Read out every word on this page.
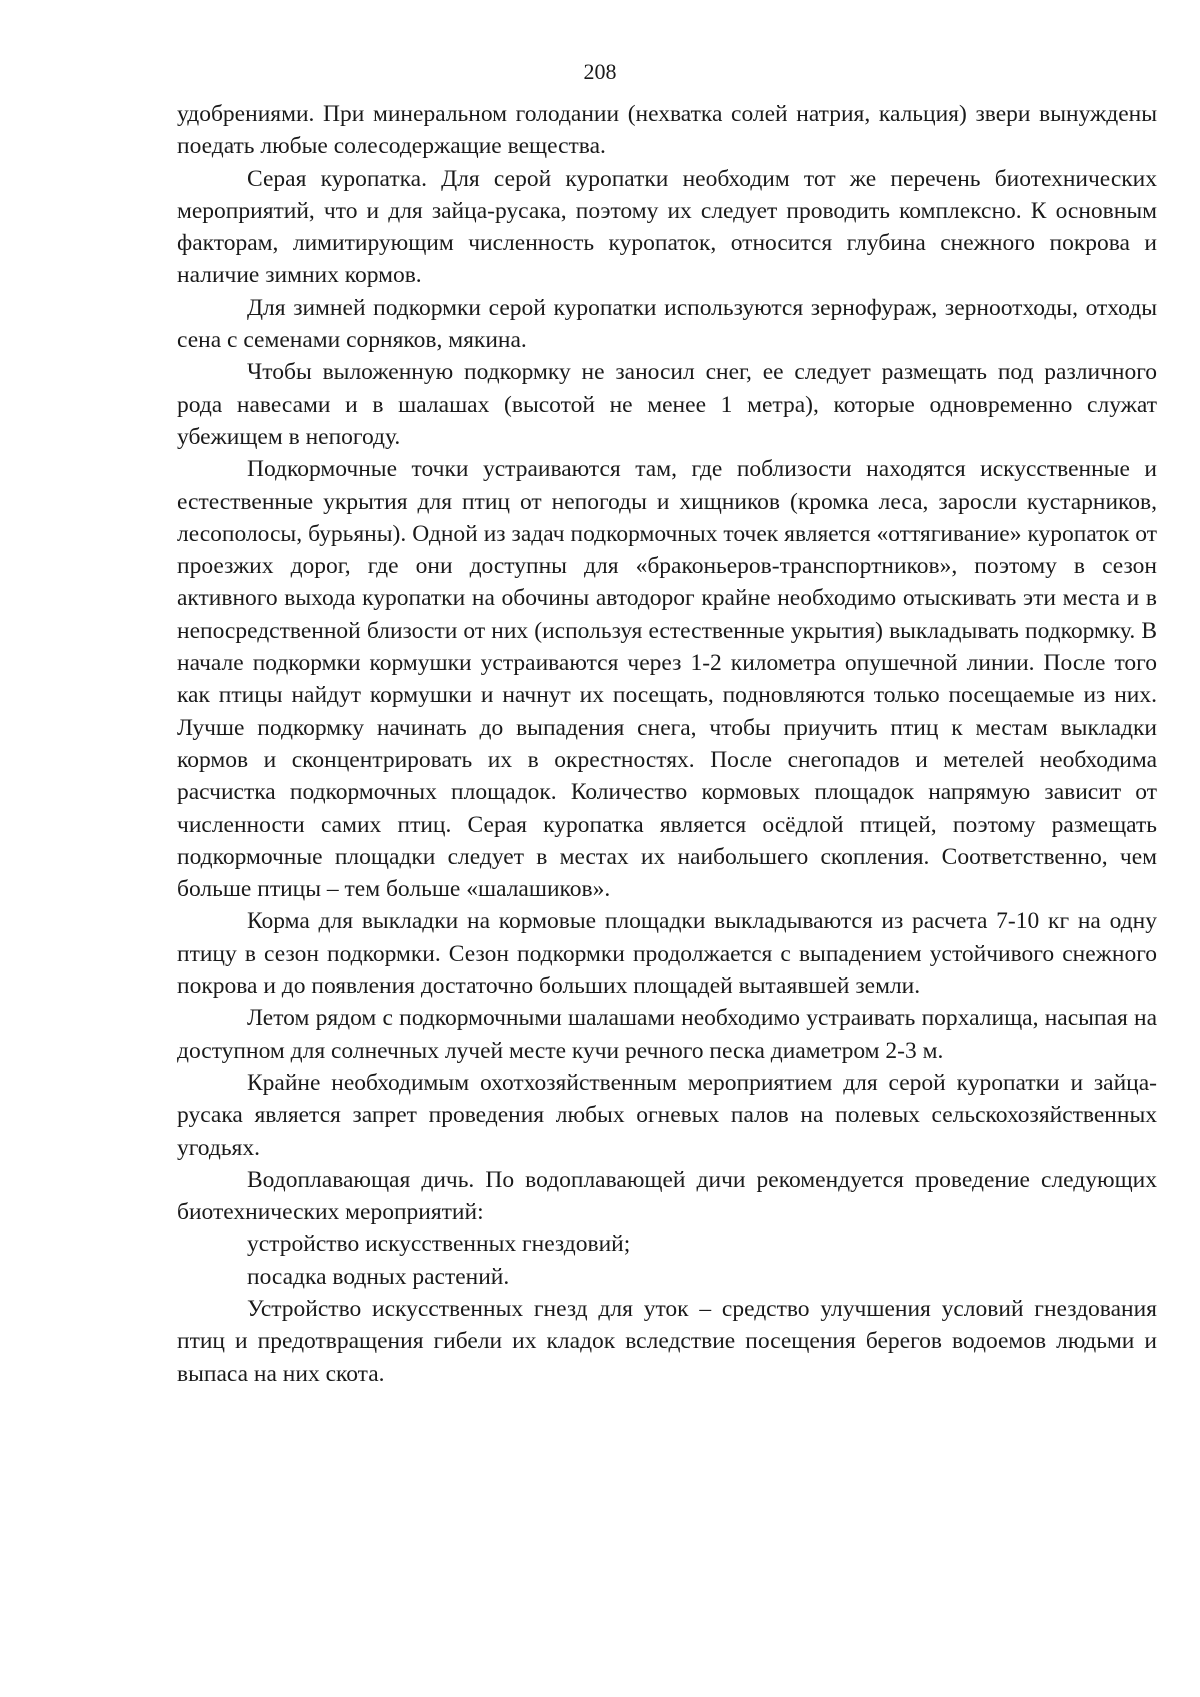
208

удобрениями. При минеральном голодании (нехватка солей натрия, кальция) звери вынуждены поедать любые солесодержащие вещества.

Серая куропатка. Для серой куропатки необходим тот же перечень биотехнических мероприятий, что и для зайца-русака, поэтому их следует проводить комплексно. К основным факторам, лимитирующим численность куропаток, относится глубина снежного покрова и наличие зимних кормов.

Для зимней подкормки серой куропатки используются зернофураж, зерноотходы, отходы сена с семенами сорняков, мякина.

Чтобы выложенную подкормку не заносил снег, ее следует размещать под различного рода навесами и в шалашах (высотой не менее 1 метра), которые одновременно служат убежищем в непогоду.

Подкормочные точки устраиваются там, где поблизости находятся искусственные и естественные укрытия для птиц от непогоды и хищников (кромка леса, заросли кустарников, лесополосы, бурьяны). Одной из задач подкормочных точек является «оттягивание» куропаток от проезжих дорог, где они доступны для «браконьеров-транспортников», поэтому в сезон активного выхода куропатки на обочины автодорог крайне необходимо отыскивать эти места и в непосредственной близости от них (используя естественные укрытия) выкладывать подкормку. В начале подкормки кормушки устраиваются через 1-2 километра опушечной линии. После того как птицы найдут кормушки и начнут их посещать, подновляются только посещаемые из них. Лучше подкормку начинать до выпадения снега, чтобы приучить птиц к местам выкладки кормов и сконцентрировать их в окрестностях. После снегопадов и метелей необходима расчистка подкормочных площадок. Количество кормовых площадок напрямую зависит от численности самих птиц. Серая куропатка является осёдлой птицей, поэтому размещать подкормочные площадки следует в местах их наибольшего скопления. Соответственно, чем больше птицы – тем больше «шалашиков».

Корма для выкладки на кормовые площадки выкладываются из расчета 7-10 кг на одну птицу в сезон подкормки. Сезон подкормки продолжается с выпадением устойчивого снежного покрова и до появления достаточно больших площадей вытаявшей земли.

Летом рядом с подкормочными шалашами необходимо устраивать порхалища, насыпая на доступном для солнечных лучей месте кучи речного песка диаметром 2-3 м.

Крайне необходимым охотхозяйственным мероприятием для серой куропатки и зайца-русака является запрет проведения любых огневых палов на полевых сельскохозяйственных угодьях.

Водоплавающая дичь. По водоплавающей дичи рекомендуется проведение следующих биотехнических мероприятий:

устройство искусственных гнездовий;

посадка водных растений.

Устройство искусственных гнезд для уток – средство улучшения условий гнездования птиц и предотвращения гибели их кладок вследствие посещения берегов водоемов людьми и выпаса на них скота.
